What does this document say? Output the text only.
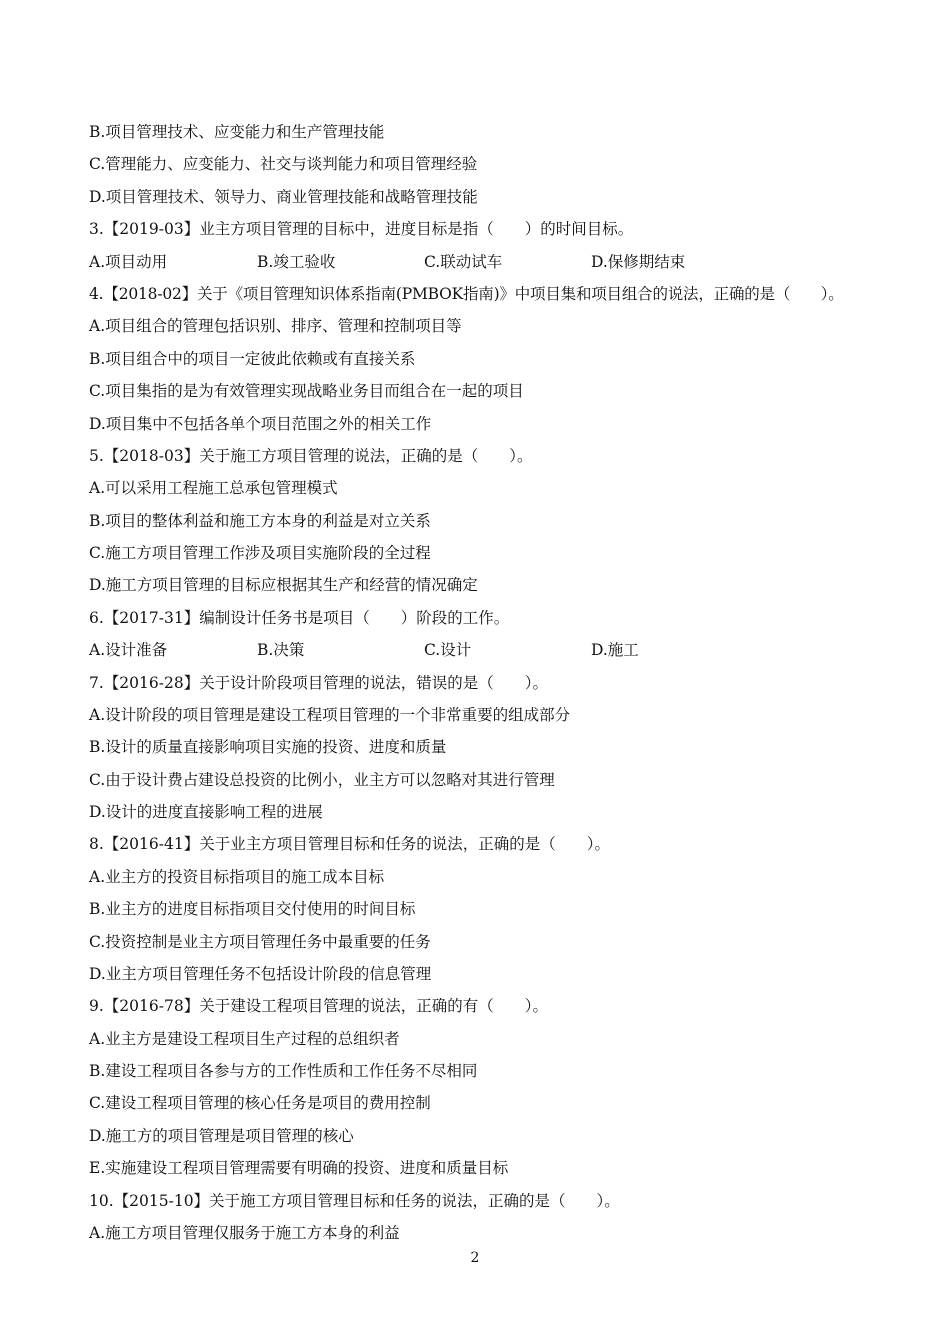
B.项目管理技术、应变能力和生产管理技能
C.管理能力、应变能力、社交与谈判能力和项目管理经验
D.项目管理技术、领导力、商业管理技能和战略管理技能
3.【2019-03】业主方项目管理的目标中，进度目标是指（　　）的时间目标。
A.项目动用	B.竣工验收	C.联动试车	D.保修期结束
4.【2018-02】关于《项目管理知识体系指南(PMBOK指南)》中项目集和项目组合的说法，正确的是（　　）。
A.项目组合的管理包括识别、排序、管理和控制项目等
B.项目组合中的项目一定彼此依赖或有直接关系
C.项目集指的是为有效管理实现战略业务目而组合在一起的项目
D.项目集中不包括各单个项目范围之外的相关工作
5.【2018-03】关于施工方项目管理的说法，正确的是（　　）。
A.可以采用工程施工总承包管理模式
B.项目的整体利益和施工方本身的利益是对立关系
C.施工方项目管理工作涉及项目实施阶段的全过程
D.施工方项目管理的目标应根据其生产和经营的情况确定
6.【2017-31】编制设计任务书是项目（　　）阶段的工作。
A.设计准备	B.决策	C.设计	D.施工
7.【2016-28】关于设计阶段项目管理的说法，错误的是（　　）。
A.设计阶段的项目管理是建设工程项目管理的一个非常重要的组成部分
B.设计的质量直接影响项目实施的投资、进度和质量
C.由于设计费占建设总投资的比例小，业主方可以忽略对其进行管理
D.设计的进度直接影响工程的进展
8.【2016-41】关于业主方项目管理目标和任务的说法，正确的是（　　）。
A.业主方的投资目标指项目的施工成本目标
B.业主方的进度目标指项目交付使用的时间目标
C.投资控制是业主方项目管理任务中最重要的任务
D.业主方项目管理任务不包括设计阶段的信息管理
9.【2016-78】关于建设工程项目管理的说法，正确的有（　　）。
A.业主方是建设工程项目生产过程的总组织者
B.建设工程项目各参与方的工作性质和工作任务不尽相同
C.建设工程项目管理的核心任务是项目的费用控制
D.施工方的项目管理是项目管理的核心
E.实施建设工程项目管理需要有明确的投资、进度和质量目标
10.【2015-10】关于施工方项目管理目标和任务的说法，正确的是（　　）。
A.施工方项目管理仅服务于施工方本身的利益
2
